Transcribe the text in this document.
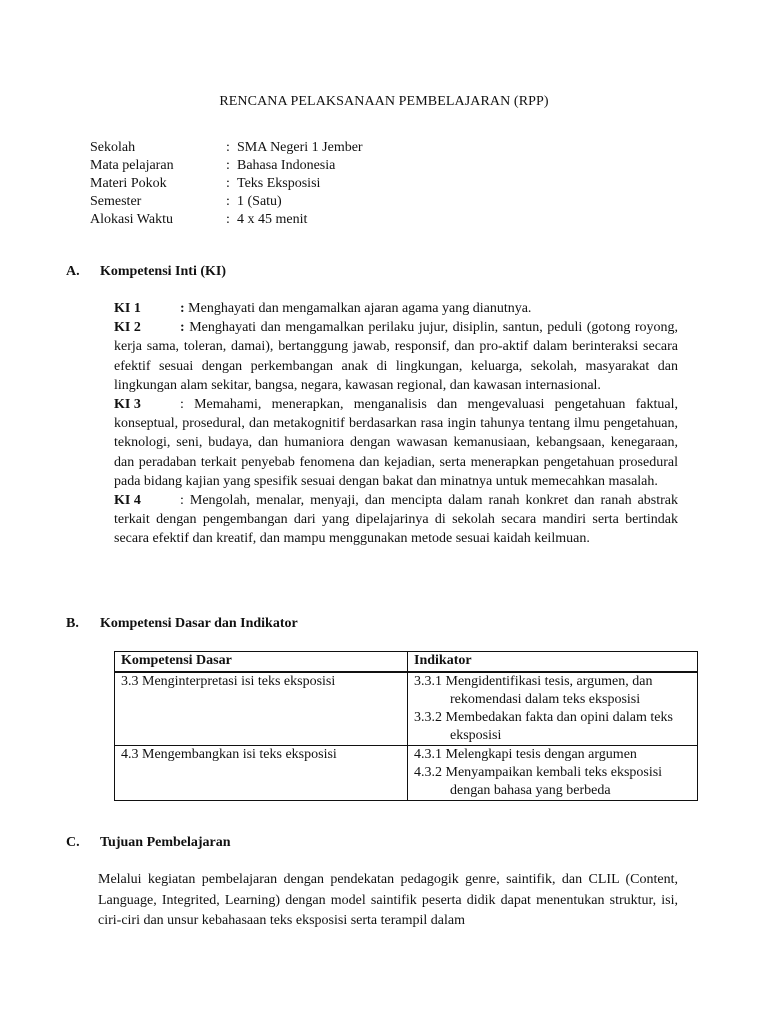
RENCANA PELAKSANAAN PEMBELAJARAN (RPP)
Sekolah	: SMA Negeri 1 Jember
Mata pelajaran	: Bahasa Indonesia
Materi Pokok	: Teks Eksposisi
Semester	: 1 (Satu)
Alokasi Waktu	: 4 x 45 menit
A. Kompetensi Inti (KI)

KI 1	: Menghayati dan mengamalkan ajaran agama yang dianutnya.

KI 2	: Menghayati dan mengamalkan perilaku jujur, disiplin, santun, peduli (gotong royong, kerja sama, toleran, damai), bertanggung jawab, responsif, dan pro-aktif dalam berinteraksi secara efektif sesuai dengan perkembangan anak di lingkungan, keluarga, sekolah, masyarakat dan lingkungan alam sekitar, bangsa, negara, kawasan regional, dan kawasan internasional.

KI 3	: Memahami, menerapkan, menganalisis dan mengevaluasi pengetahuan faktual, konseptual, prosedural, dan metakognitif berdasarkan rasa ingin tahunya tentang ilmu pengetahuan, teknologi, seni, budaya, dan humaniora dengan wawasan kemanusiaan, kebangsaan, kenegaraan, dan peradaban terkait penyebab fenomena dan kejadian, serta menerapkan pengetahuan prosedural pada bidang kajian yang spesifik sesuai dengan bakat dan minatnya untuk memecahkan masalah.

KI 4	: Mengolah, menalar, menyaji, dan mencipta dalam ranah konkret dan ranah abstrak terkait dengan pengembangan dari yang dipelajarinya di sekolah secara mandiri serta bertindak secara efektif dan kreatif, dan mampu menggunakan metode sesuai kaidah keilmuan.

B. Kompetensi Dasar dan Indikator
Kompetensi Dasar	Indikator
3.3 Menginterpretasi isi teks eksposisi	3.3.1 Mengidentifikasi tesis, argumen, dan
rekomendasi dalam teks eksposisi
3.3.2 Membedakan fakta dan opini dalam teks
eksposisi

4.3 Mengembangkan isi teks eksposisi	4.3.1 Melengkapi tesis dengan argumen
4.3.2 Menyampaikan kembali teks eksposisi
dengan bahasa yang berbeda
C. Tujuan Pembelajaran

Melalui kegiatan pembelajaran dengan pendekatan pedagogik genre, saintifik, dan CLIL (Content, Language, Integrited, Learning) dengan model saintifik peserta didik dapat menentukan struktur, isi, ciri-ciri dan unsur kebahasaan teks eksposisi serta terampil dalam
